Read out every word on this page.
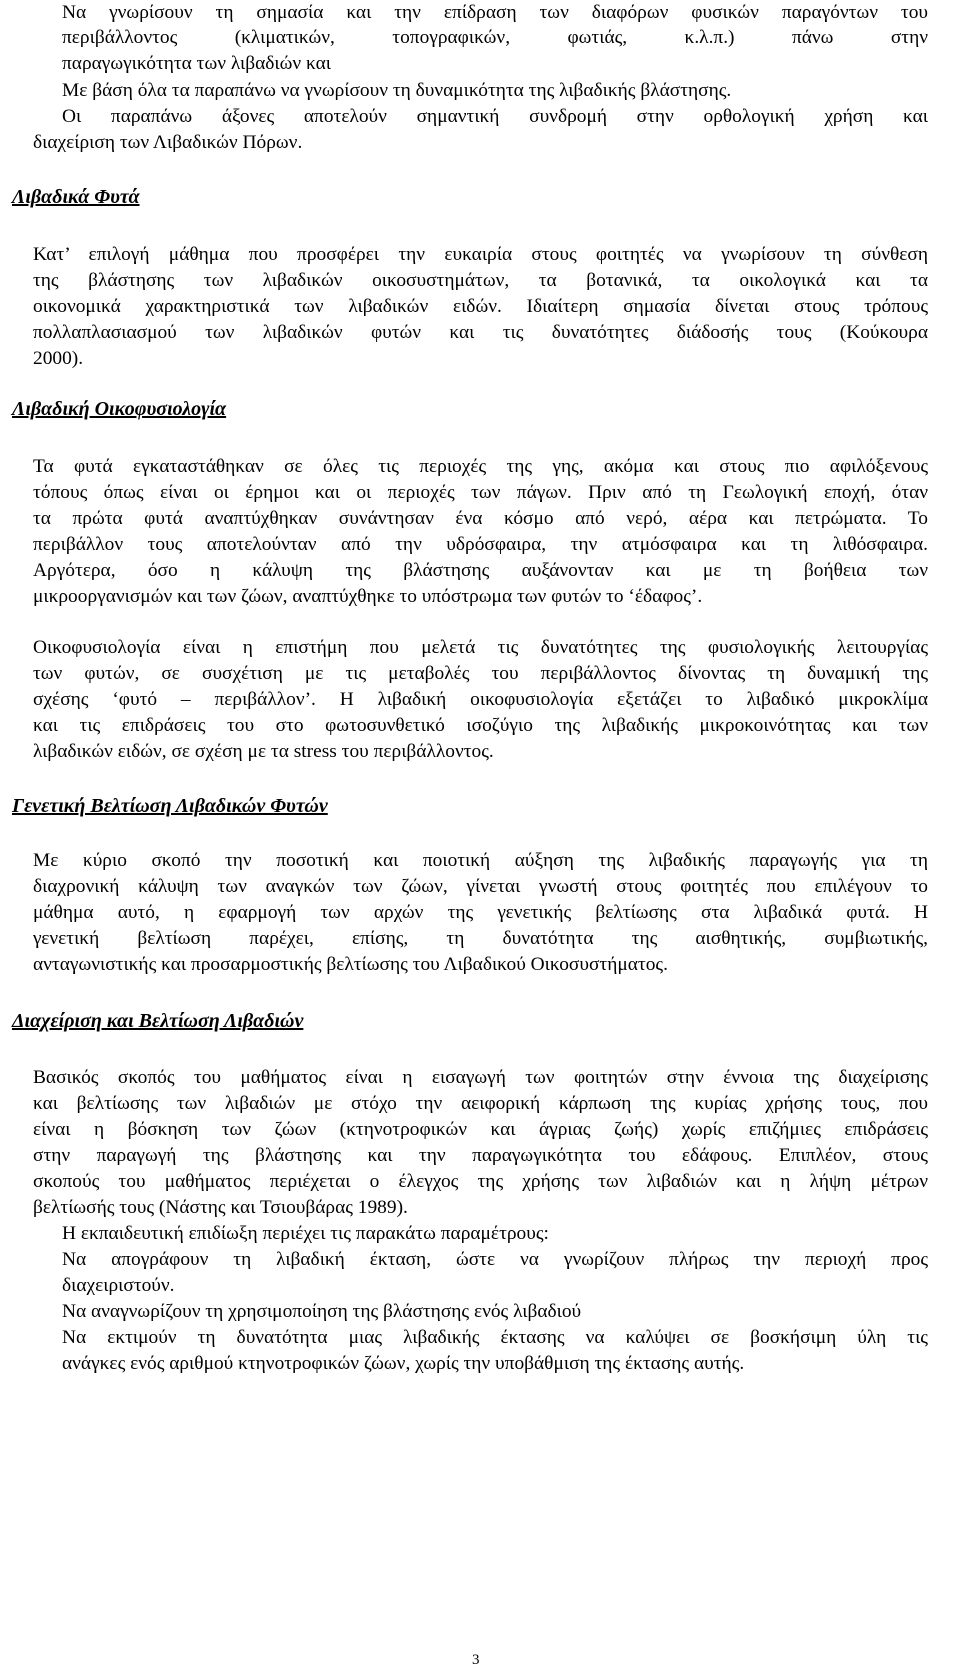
Να γνωρίσουν τη σημασία και την επίδραση των διαφόρων φυσικών παραγόντων του
περιβάλλοντος (κλιματικών, τοπογραφικών, φωτιάς, κ.λ.π.) πάνω στην
παραγωγικότητα των λιβαδιών και
Με βάση όλα τα παραπάνω να γνωρίσουν τη δυναμικότητα της λιβαδικής βλάστησης.
Οι παραπάνω άξονες αποτελούν σημαντική συνδρομή στην ορθολογική χρήση και
διαχείριση των Λιβαδικών Πόρων.
Λιβαδικά Φυτά
Κατ’ επιλογή μάθημα που προσφέρει την ευκαιρία στους φοιτητές να γνωρίσουν τη σύνθεση
της βλάστησης των λιβαδικών οικοσυστημάτων, τα βοτανικά, τα οικολογικά και τα
οικονομικά χαρακτηριστικά των λιβαδικών ειδών. Ιδιαίτερη σημασία δίνεται στους τρόπους
πολλαπλασιασμού των λιβαδικών φυτών και τις δυνατότητες διάδοσής τους (Κούκουρα
2000).
Λιβαδική Οικοφυσιολογία
Τα φυτά εγκαταστάθηκαν σε όλες τις περιοχές της γης, ακόμα και στους πιο αφιλόξενους
τόπους όπως είναι οι έρημοι και οι περιοχές των πάγων. Πριν από τη Γεωλογική εποχή, όταν
τα πρώτα φυτά αναπτύχθηκαν συνάντησαν ένα κόσμο από νερό, αέρα και πετρώματα. Το
περιβάλλον τους αποτελούνταν από την υδρόσφαιρα, την ατμόσφαιρα και τη λιθόσφαιρα.
Αργότερα, όσο η κάλυψη της βλάστησης αυξάνονταν και με τη βοήθεια των
μικροοργανισμών και των ζώων, αναπτύχθηκε το υπόστρωμα των φυτών το ‘έδαφος’.
Οικοφυσιολογία είναι η επιστήμη που μελετά τις δυνατότητες της φυσιολογικής λειτουργίας
των φυτών, σε συσχέτιση με τις μεταβολές του περιβάλλοντος δίνοντας τη δυναμική της
σχέσης ‘φυτό – περιβάλλον’. Η λιβαδική οικοφυσιολογία εξετάζει το λιβαδικό μικροκλίμα
και τις επιδράσεις του στο φωτοσυνθετικό ισοζύγιο της λιβαδικής μικροκοινότητας και των
λιβαδικών ειδών, σε σχέση με τα stress του περιβάλλοντος.
Γενετική Βελτίωση Λιβαδικών Φυτών
Με κύριο σκοπό την ποσοτική και ποιοτική αύξηση της λιβαδικής παραγωγής για τη
διαχρονική κάλυψη των αναγκών των ζώων, γίνεται γνωστή στους φοιτητές που επιλέγουν το
μάθημα αυτό, η εφαρμογή των αρχών της γενετικής βελτίωσης στα λιβαδικά φυτά. Η
γενετική βελτίωση παρέχει, επίσης, τη δυνατότητα της αισθητικής, συμβιωτικής,
ανταγωνιστικής και προσαρμοστικής βελτίωσης του Λιβαδικού Οικοσυστήματος.
Διαχείριση και Βελτίωση Λιβαδιών
Βασικός σκοπός του μαθήματος είναι η εισαγωγή των φοιτητών στην έννοια της διαχείρισης
και βελτίωσης των λιβαδιών με στόχο την αειφορική κάρπωση της κυρίας χρήσης τους, που
είναι η βόσκηση των ζώων (κτηνοτροφικών και άγριας ζωής) χωρίς επιζήμιες επιδράσεις
στην παραγωγή της βλάστησης και την παραγωγικότητα του εδάφους. Επιπλέον, στους
σκοπούς του μαθήματος περιέχεται ο έλεγχος της χρήσης των λιβαδιών και η λήψη μέτρων
βελτίωσής τους (Νάστης και Τσιουβάρας 1989).
Η εκπαιδευτική επιδίωξη περιέχει τις παρακάτω παραμέτρους:
Να απογράφουν τη λιβαδική έκταση, ώστε να γνωρίζουν πλήρως την περιοχή προς
διαχειριστούν.
Να αναγνωρίζουν τη χρησιμοποίηση της βλάστησης ενός λιβαδιού
Να εκτιμούν τη δυνατότητα μιας λιβαδικής έκτασης να καλύψει σε βοσκήσιμη ύλη τις
ανάγκες ενός αριθμού κτηνοτροφικών ζώων, χωρίς την υποβάθμιση της έκτασης αυτής.
3
